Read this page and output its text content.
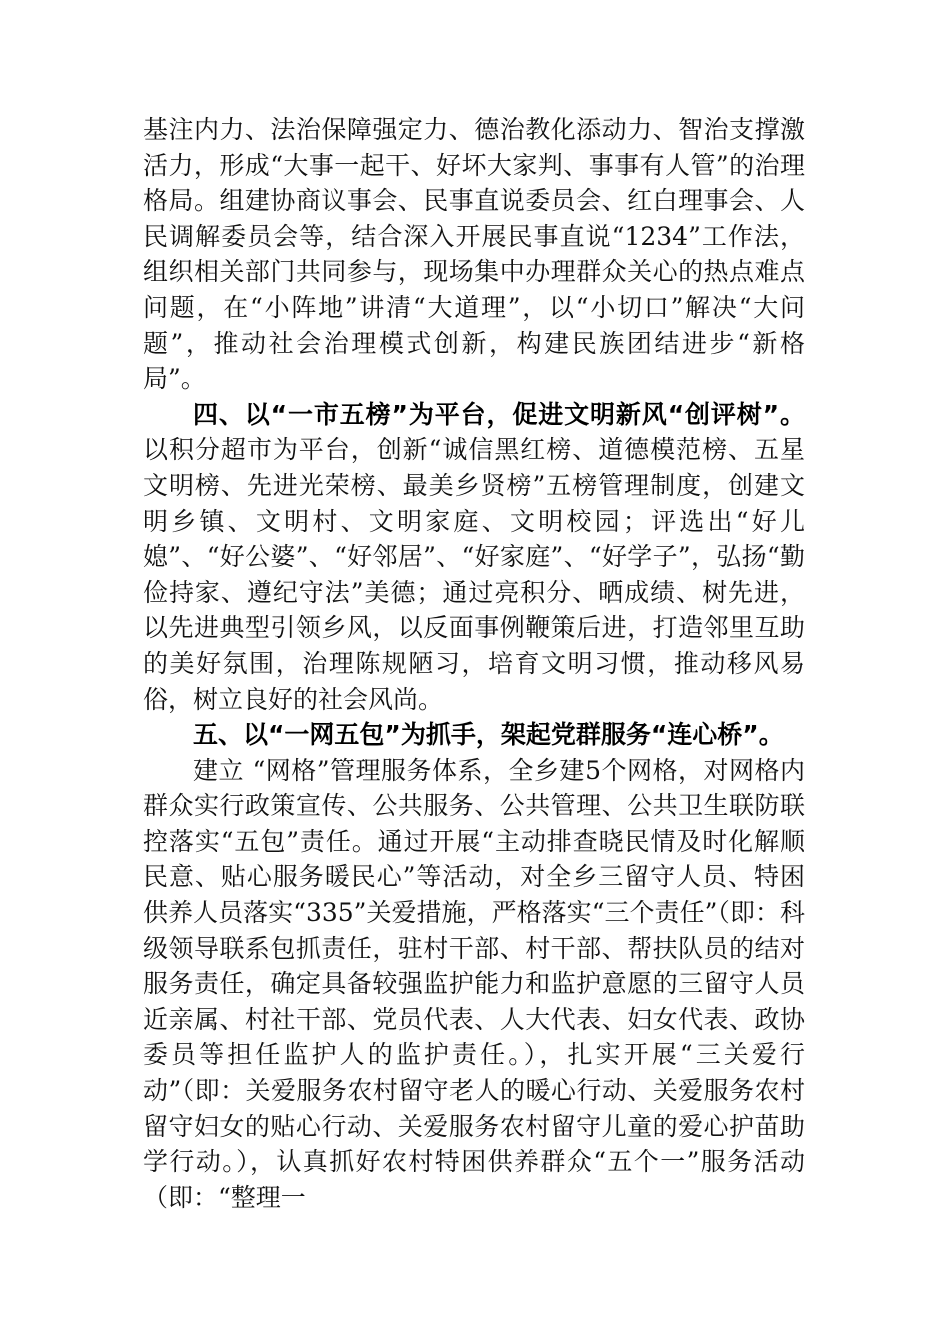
基注内力、法治保障强定力、德治教化添动力、智治支撑激活力，形成“大事一起干、好坏大家判、事事有人管”的治理格局。组建协商议事会、民事直说委员会、红白理事会、人民调解委员会等，结合深入开展民事直说“1234”工作法，组织相关部门共同参与，现场集中办理群众关心的热点难点问题，在“小阵地”讲清“大道理”，以“小切口”解决“大问题”，推动社会治理模式创新，构建民族团结进步“新格局”。

四、以“一市五榜”为平台，促进文明新风“创评树”。以积分超市为平台，创新“诚信黑红榜、道德模范榜、五星文明榜、先进光荣榜、最美乡贤榜”五榜管理制度，创建文明乡镇、文明村、文明家庭、文明校园；评选出“好儿媳”、“好公婆”、“好邻居”、“好家庭”、“好学子”，弘扬“勤俭持家、遵纪守法”美德；通过亮积分、晒成绩、树先进，以先进典型引领乡风，以反面事例鞭策后进，打造邻里互助的美好氛围，治理陈规陋习，培育文明习惯，推动移风易俗，树立良好的社会风尚。

五、以“一网五包”为抓手，架起党群服务“连心桥”。

建立 “网格”管理服务体系，全乡建5个网格，对网格内群众实行政策宣传、公共服务、公共管理、公共卫生联防联控落实“五包”责任。通过开展“主动排查晓民情及时化解顺民意、贴心服务暖民心”等活动，对全乡三留守人员、特困供养人员落实“335”关爱措施，严格落实“三个责任”（即：科级领导联系包抓责任，驻村干部、村干部、帮扶队员的结对服务责任，确定具备较强监护能力和监护意愿的三留守人员近亲属、村社干部、党员代表、人大代表、妇女代表、政协委员等担任监护人的监护责任。），扎实开展“三关爱行动”（即：关爱服务农村留守老人的暖心行动、关爱服务农村留守妇女的贴心行动、关爱服务农村留守儿童的爱心护苗助学行动。），认真抓好农村特困供养群众“五个一”服务活动（即：“整理一
